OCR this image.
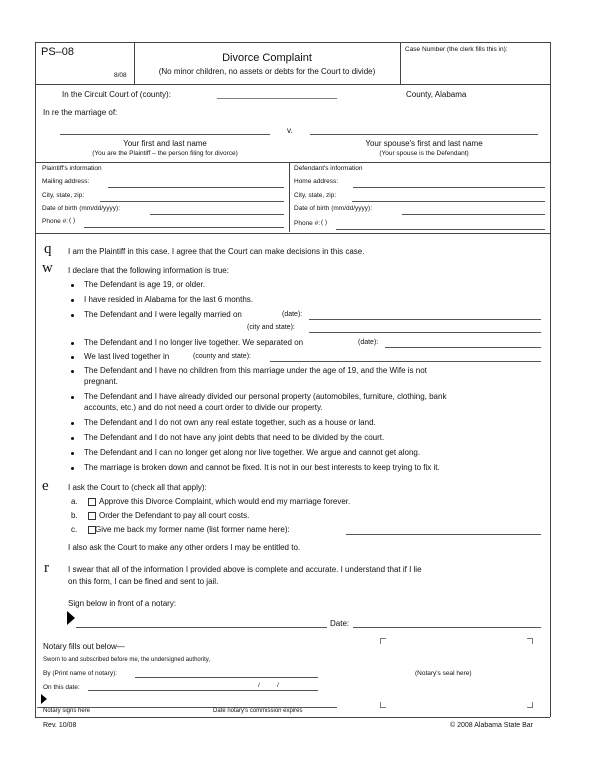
PS–08
8/08
Divorce Complaint
(No minor children, no assets or debts for the Court to divide)
Case Number (the clerk fills this in):
In the Circuit Court of (county):	___________________________	County, Alabama
In re the marriage of:
v.
Your first and last name
(You are the Plaintiff – the person filing for divorce)
Your spouse's first and last name
(Your spouse is the Defendant)
Plaintiff's information
Mailing address:
City, state, zip:
Date of birth (mm/dd/yyyy):
Phone #: ( )
Defendant's information
Home address:
City, state, zip:
Date of birth (mm/dd/yyyy):
Phone #: ( )
q I am the Plaintiff in this case. I agree that the Court can make decisions in this case.
w I declare that the following information is true:
The Defendant is age 19, or older.
I have resided in Alabama for the last 6 months.
The Defendant and I were legally married on	(date):
(city and state):
The Defendant and I no longer live together. We separated on	(date):
We last lived together in	(county and state):
The Defendant and I have no children from this marriage under the age of 19, and the Wife is not
pregnant.
The Defendant and I have already divided our personal property (automobiles, furniture, clothing, bank
accounts, etc.) and do not need a court order to divide our property.
The Defendant and I do not own any real estate together, such as a house or land.
The Defendant and I do not have any joint debts that need to be divided by the court.
The Defendant and I can no longer get along nor live together. We argue and cannot get along.
The marriage is broken down and cannot be fixed. It is not in our best interests to keep trying to fix it.
e I ask the Court to (check all that apply):
a.	Approve this Divorce Complaint, which would end my marriage forever.
b.	Order the Defendant to pay all court costs.
c. Give me back my former name (list former name here):
I also ask the Court to make any other orders I may be entitled to.
r I swear that all of the information I provided above is complete and accurate. I understand that if I lie
on this form, I can be fined and sent to jail.
Sign below in front of a notary:
Date:
Notary fills out below—
Sworn to and subscribed before me, the undersigned authority,
By (Print name of notary):
On this date:	/	/
Notary signs here	Date notary's commission expires
(Notary's seal here)
Rev. 10/08	© 2008 Alabama State Bar
